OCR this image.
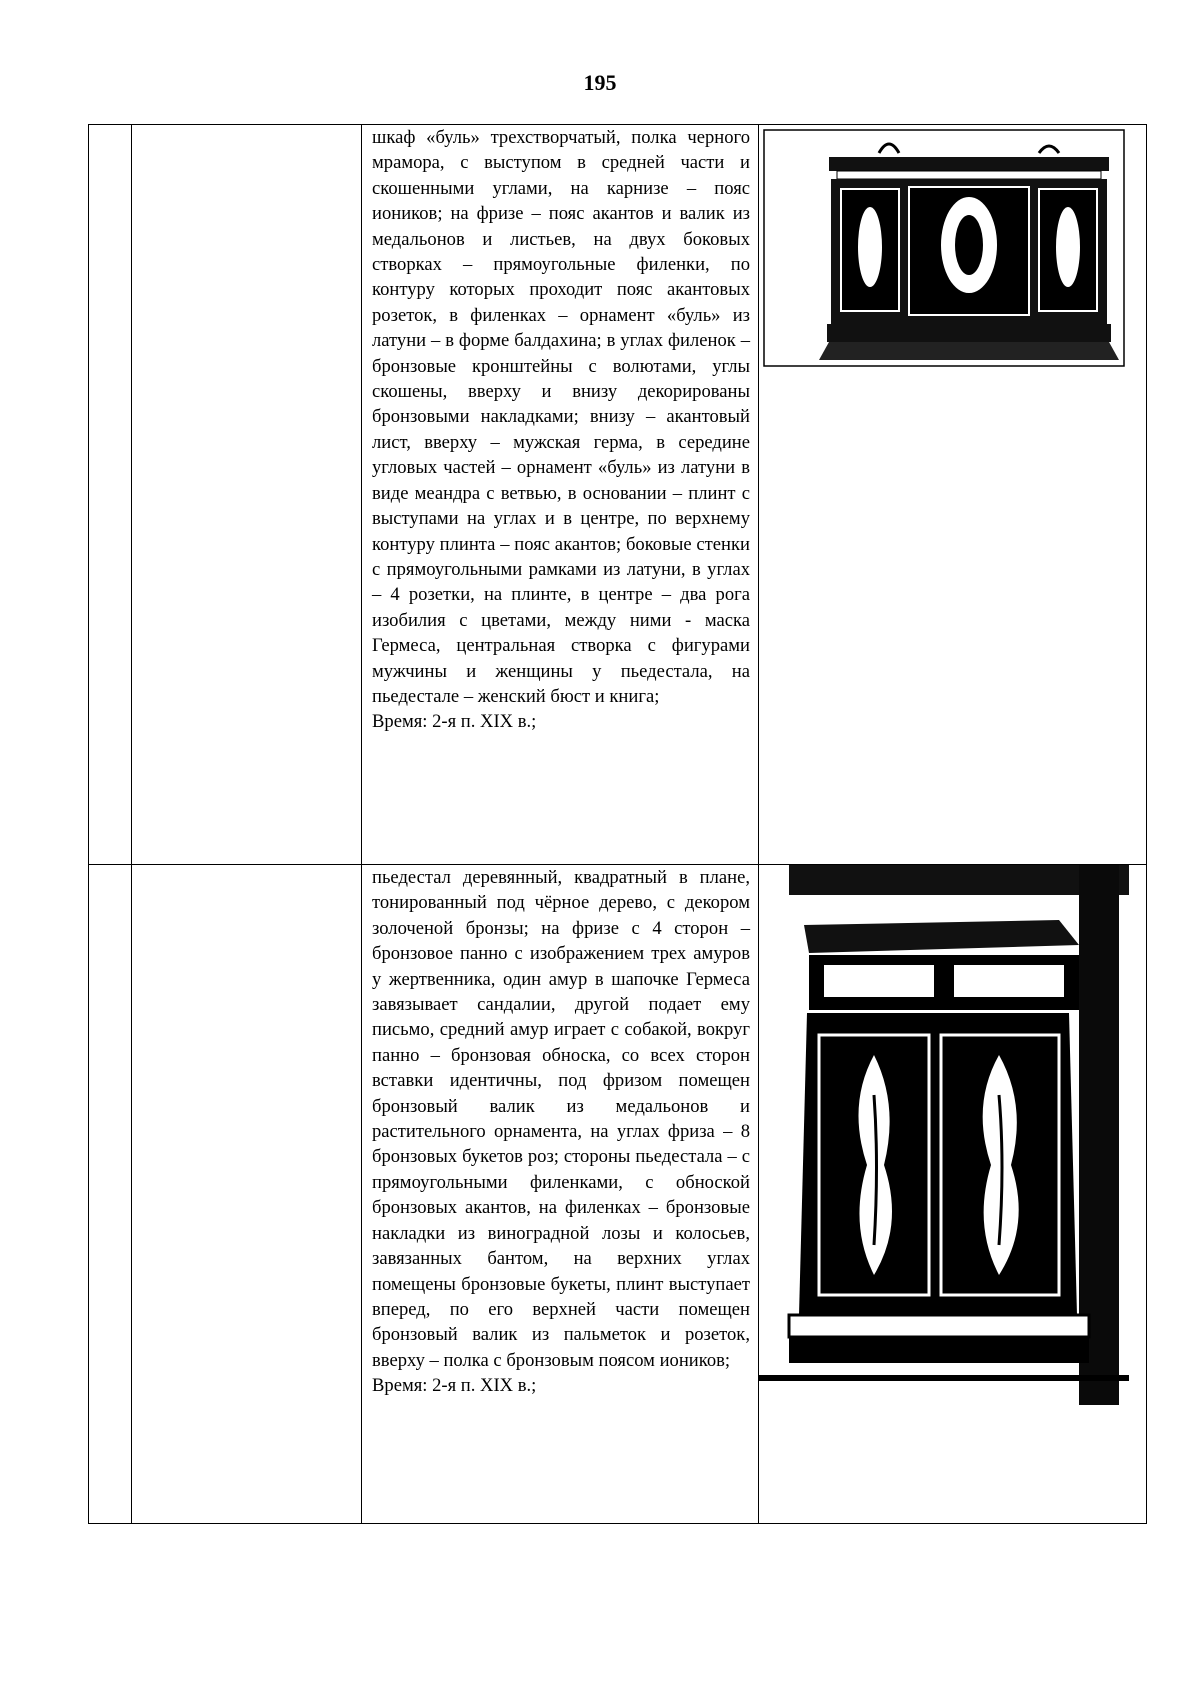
195

		шкаф «буль» трехстворчатый, полка черного мрамора, с выступом в средней части и скошенными углами, на карнизе – пояс иоников; на фризе – пояс акантов и валик из медальонов и листьев, на двух боковых створках – прямоугольные филенки, по контуру которых проходит пояс акантовых розеток, в филенках – орнамент «буль» из латуни – в форме балдахина; в углах филенок – бронзовые кронштейны с волютами, углы скошены, вверху и внизу декорированы бронзовыми накладками; внизу – акантовый лист, вверху – мужская герма, в середине угловых частей – орнамент «буль» из латуни в виде меандра с ветвью, в основании – плинт с выступами на углах и в центре, по верхнему контуру плинта – пояс акантов; боковые стенки с прямоугольными рамками из латуни, в углах – 4 розетки, на плинте, в центре – два рога изобилия с цветами, между ними - маска Гермеса, центральная створка с фигурами мужчины и женщины у пьедестала, на пьедестале – женский бюст и книга;
Время: 2-я п. XIX в.;

		пьедестал деревянный, квадратный в плане, тонированный под чёрное дерево, с декором золоченой бронзы; на фризе с 4 сторон – бронзовое панно с изображением трех амуров у жертвенника, один амур в шапочке Гермеса завязывает сандалии, другой подает ему письмо, средний амур играет с собакой, вокруг панно – бронзовая обноска, со всех сторон вставки идентичны, под фризом помещен бронзовый валик из медальонов и растительного орнамента, на углах фриза – 8 бронзовых букетов роз; стороны пьедестала – с прямоугольными филенками, с обноской бронзовых акантов, на филенках – бронзовые накладки из виноградной лозы и колосьев, завязанных бантом, на верхних углах помещены бронзовые букеты, плинт выступает вперед, по его верхней части помещен бронзовый валик из пальметок и розеток, вверху – полка с бронзовым поясом иоников;
Время: 2-я п. XIX в.;
